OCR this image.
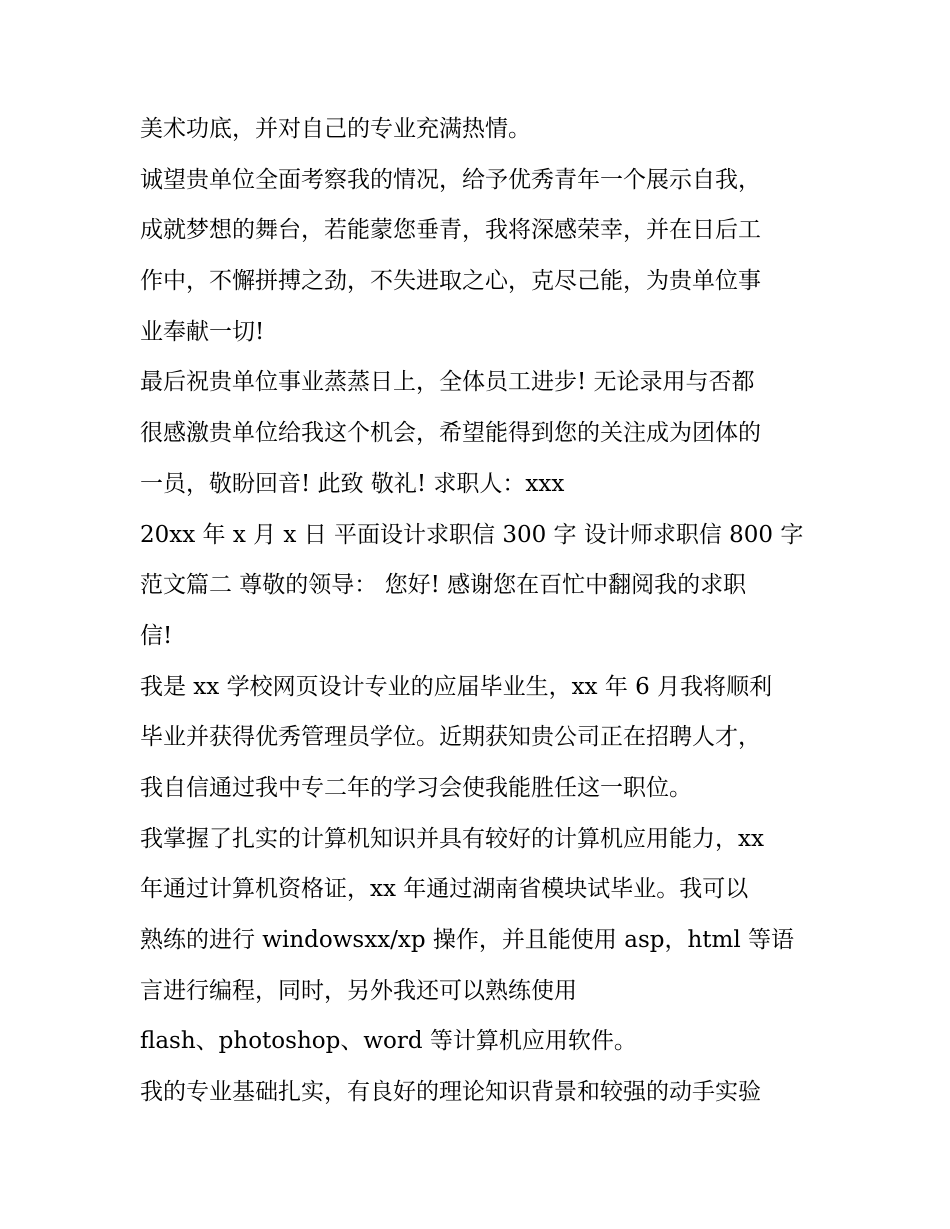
美术功底，并对自己的专业充满热情。
诚望贵单位全面考察我的情况，给予优秀青年一个展示自我，
成就梦想的舞台，若能蒙您垂青，我将深感荣幸，并在日后工
作中，不懈拼搏之劲，不失进取之心，克尽己能，为贵单位事
业奉献一切!
最后祝贵单位事业蒸蒸日上，全体员工进步! 无论录用与否都
很感激贵单位给我这个机会，希望能得到您的关注成为团体的
一员，敬盼回音! 此致 敬礼! 求职人：xxx
20xx 年 x 月 x 日 平面设计求职信 300 字 设计师求职信 800 字
范文篇二 尊敬的领导： 您好! 感谢您在百忙中翻阅我的求职
信!
我是 xx 学校网页设计专业的应届毕业生，xx 年 6 月我将顺利
毕业并获得优秀管理员学位。近期获知贵公司正在招聘人才，
我自信通过我中专二年的学习会使我能胜任这一职位。
我掌握了扎实的计算机知识并具有较好的计算机应用能力，xx
年通过计算机资格证，xx 年通过湖南省模块试毕业。我可以
熟练的进行 windowsxx/xp 操作，并且能使用 asp，html 等语
言进行编程，同时，另外我还可以熟练使用
flash、photoshop、word 等计算机应用软件。
我的专业基础扎实，有良好的理论知识背景和较强的动手实验
